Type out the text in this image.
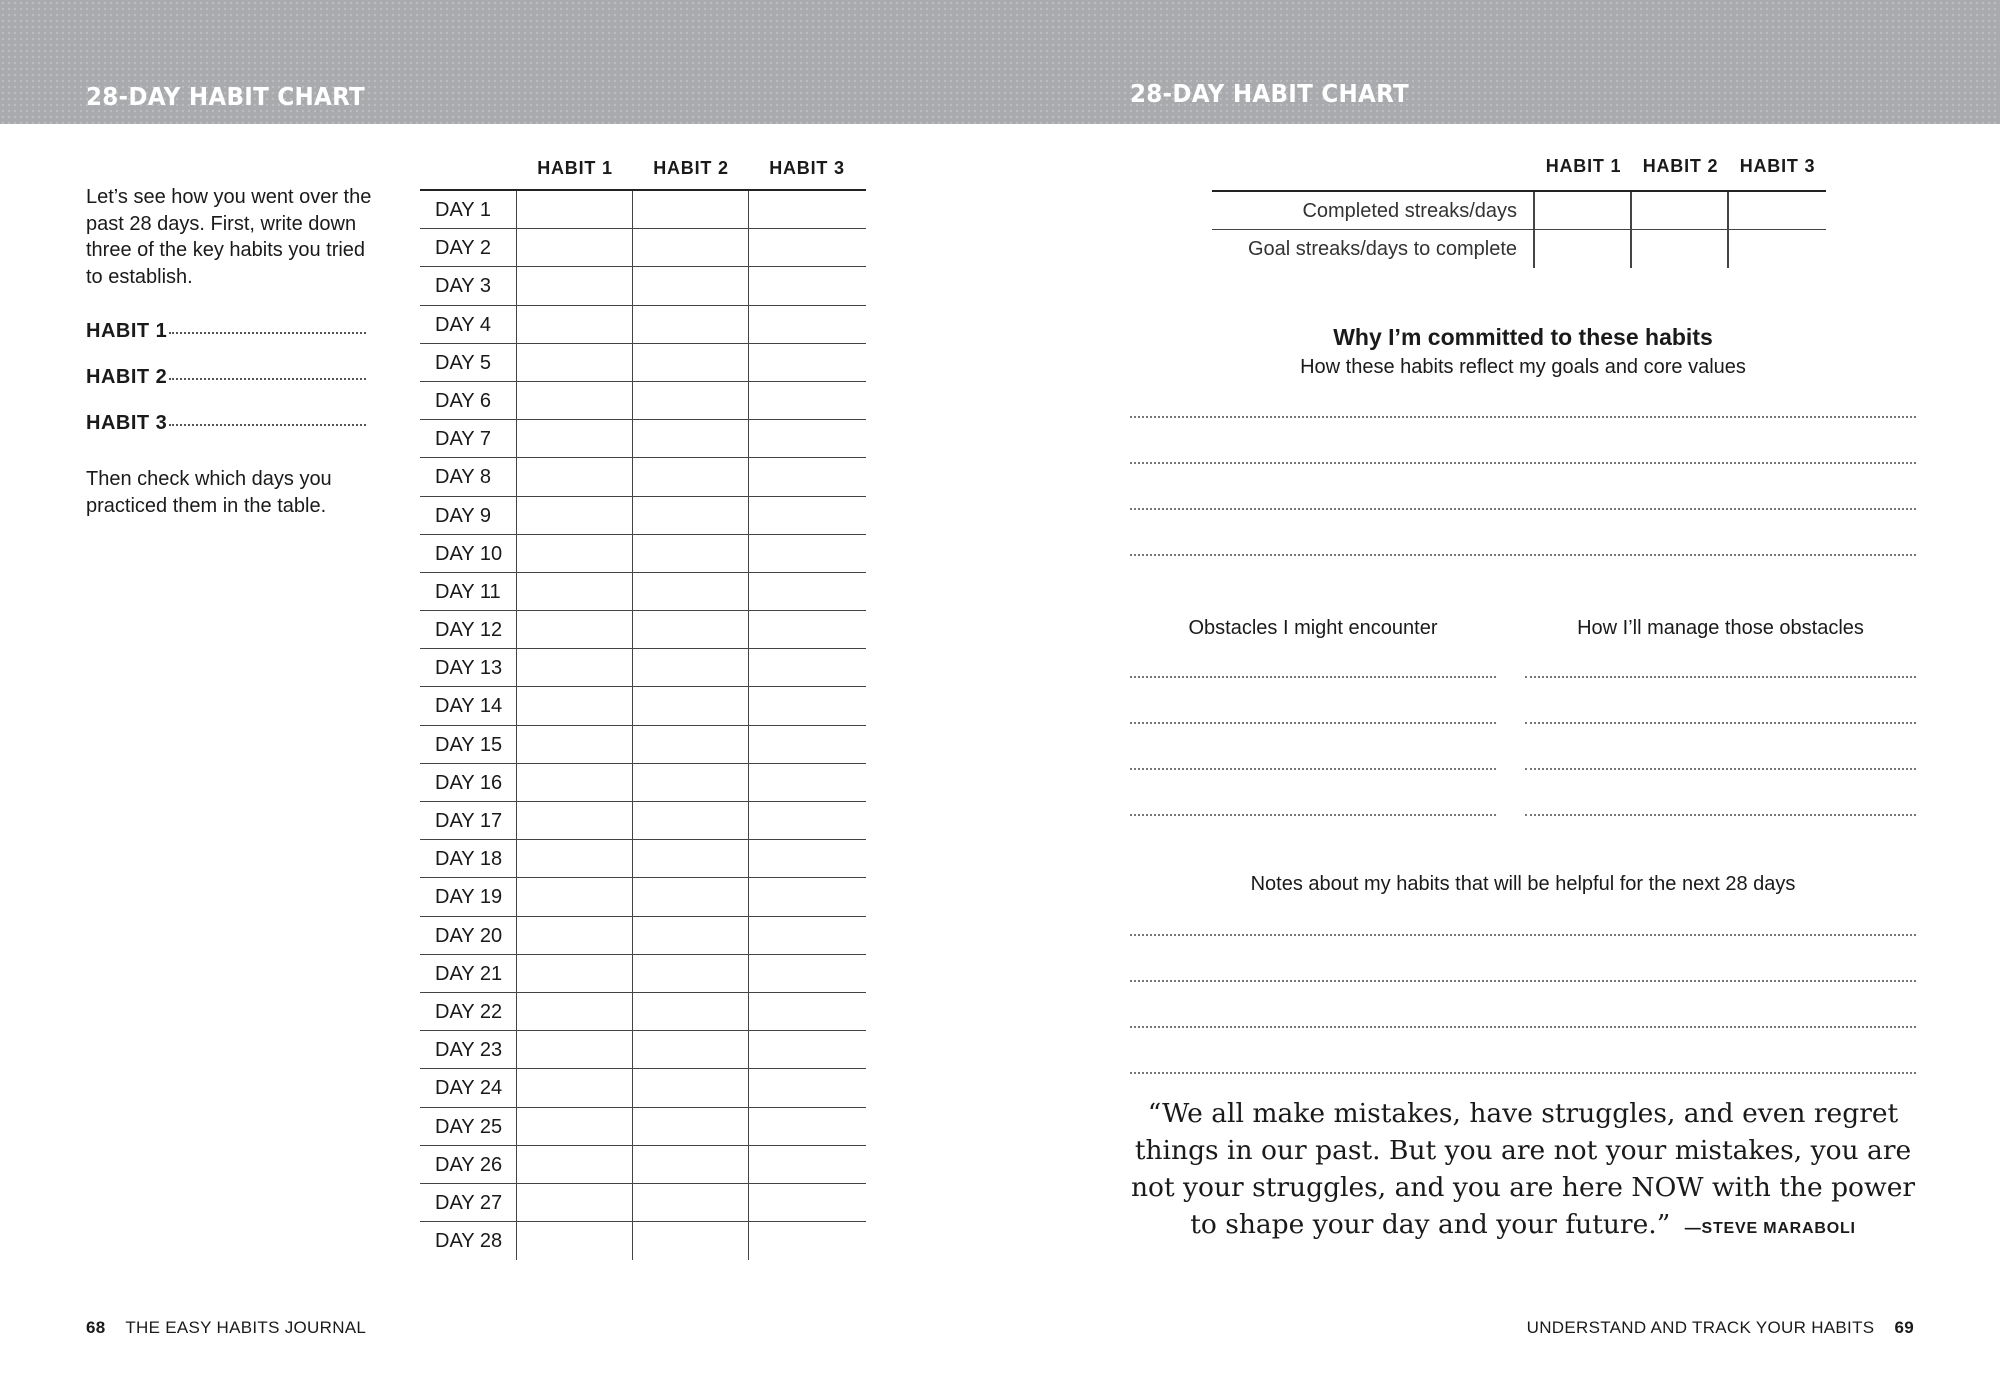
28-DAY HABIT CHART	28-DAY HABIT CHART

Let’s see how you went over the past 28 days. First, write down three of the key habits you tried to establish.

HABIT 1
HABIT 2
HABIT 3

Then check which days you practiced them in the table.

HABIT 1	HABIT 2	HABIT 3
DAY 1
DAY 2
DAY 3
DAY 4
DAY 5
DAY 6
DAY 7
DAY 8
DAY 9
DAY 10
DAY 11
DAY 12
DAY 13
DAY 14
DAY 15
DAY 16
DAY 17
DAY 18
DAY 19
DAY 20
DAY 21
DAY 22
DAY 23
DAY 24
DAY 25
DAY 26
DAY 27
DAY 28
68 THE EASY HABITS JOURNAL
HABIT 1	HABIT 2	HABIT 3
Completed streaks/days
Goal streaks/days to complete
Why I’m committed to these habits
How these habits reflect my goals and core values
Obstacles I might encounter	How I’ll manage those obstacles
Notes about my habits that will be helpful for the next 28 days
“We all make mistakes, have struggles, and even regret things in our past. But you are not your mistakes, you are not your struggles, and you are here NOW with the power to shape your day and your future.” —STEVE MARABOLI
UNDERSTAND AND TRACK YOUR HABITS 69
